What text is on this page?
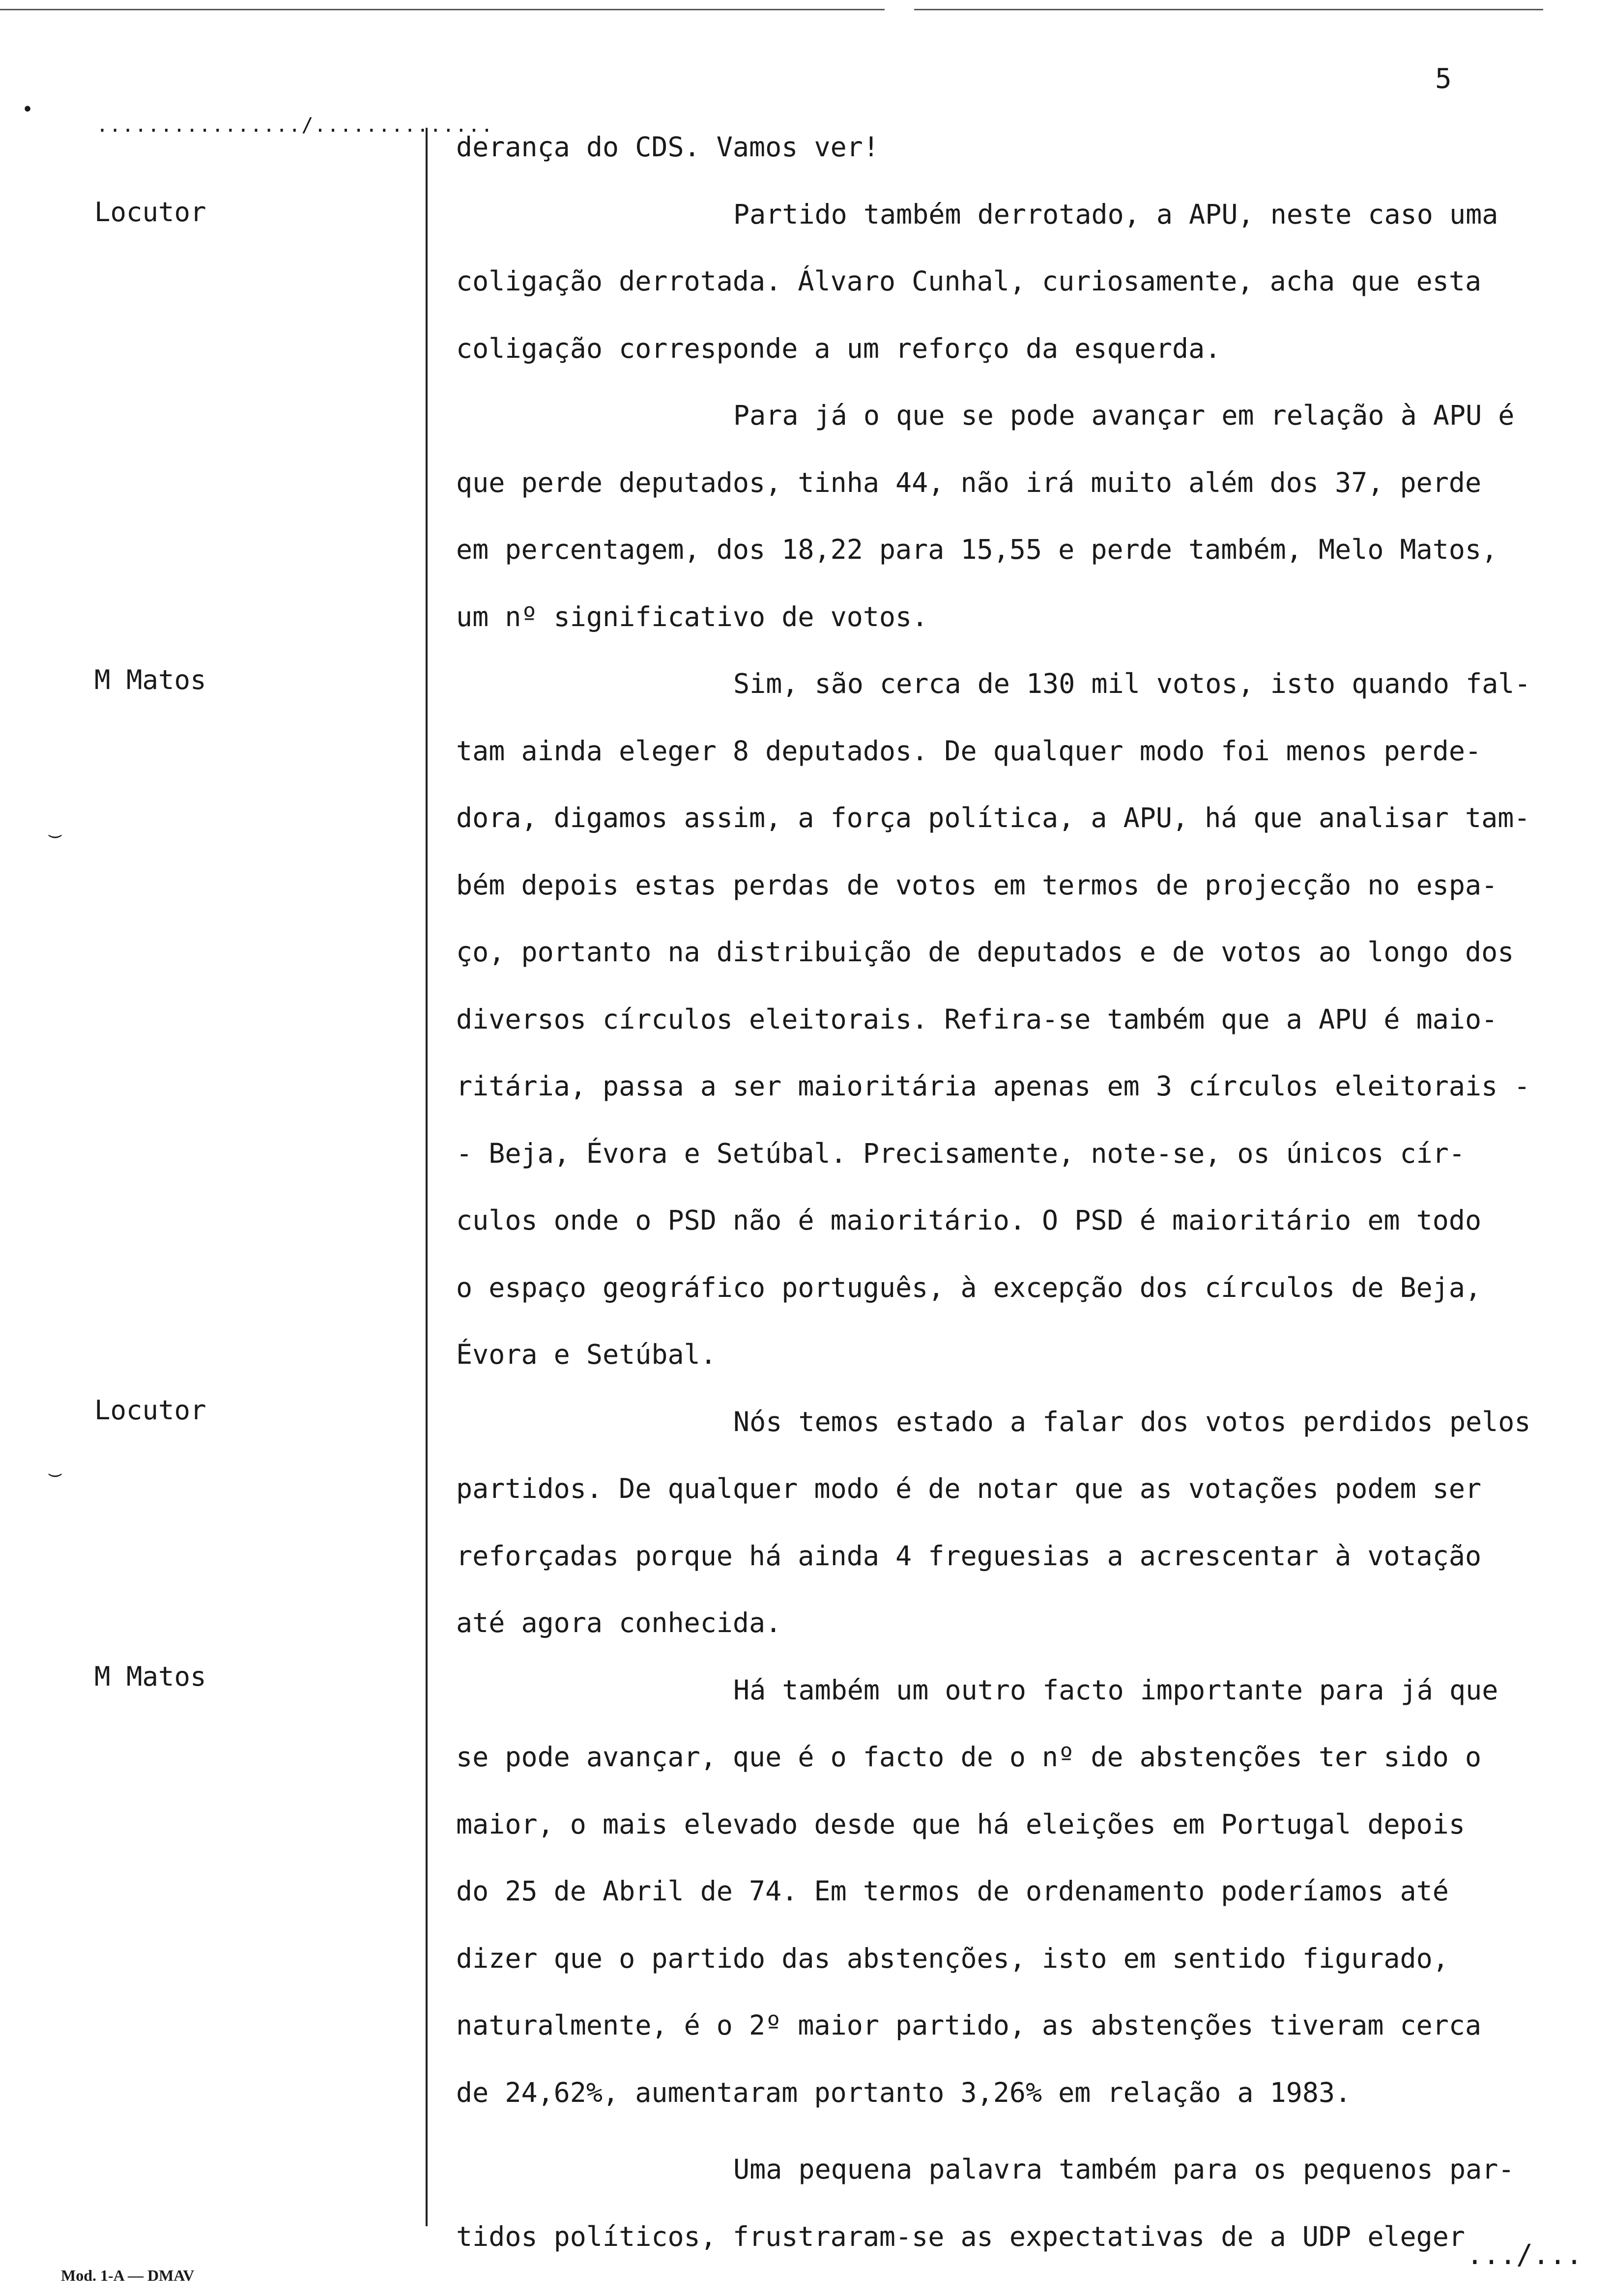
5
................/..............
Locutor
M Matos
Locutor
M Matos
•
‿
‿
derança do CDS. Vamos ver!
Partido também derrotado, a APU, neste caso uma
coligação derrotada. Álvaro Cunhal, curiosamente, acha que esta
coligação corresponde a um reforço da esquerda.
Para já o que se pode avançar em relação à APU é
que perde deputados, tinha 44, não irá muito além dos 37, perde
em percentagem, dos 18,22 para 15,55 e perde também, Melo Matos,
um nº significativo de votos.
Sim, são cerca de 130 mil votos, isto quando fal-
tam ainda eleger 8 deputados. De qualquer modo foi menos perde-
dora, digamos assim, a força política, a APU, há que analisar tam-
bém depois estas perdas de votos em termos de projecção no espa-
ço, portanto na distribuição de deputados e de votos ao longo dos
diversos círculos eleitorais. Refira-se também que a APU é maio-
ritária, passa a ser maioritária apenas em 3 círculos eleitorais -
- Beja, Évora e Setúbal. Precisamente, note-se, os únicos cír-
culos onde o PSD não é maioritário. O PSD é maioritário em todo
o espaço geográfico português, à excepção dos círculos de Beja,
Évora e Setúbal.
Nós temos estado a falar dos votos perdidos pelos
partidos. De qualquer modo é de notar que as votações podem ser
reforçadas porque há ainda 4 freguesias a acrescentar à votação
até agora conhecida.
Há também um outro facto importante para já que
se pode avançar, que é o facto de o nº de abstenções ter sido o
maior, o mais elevado desde que há eleições em Portugal depois
do 25 de Abril de 74. Em termos de ordenamento poderíamos até
dizer que o partido das abstenções, isto em sentido figurado,
naturalmente, é o 2º maior partido, as abstenções tiveram cerca
de 24,62%, aumentaram portanto 3,26% em relação a 1983.
Uma pequena palavra também para os pequenos par-
tidos políticos, frustraram-se as expectativas de a UDP eleger
Mod. 1-A — DMAV
.../...
